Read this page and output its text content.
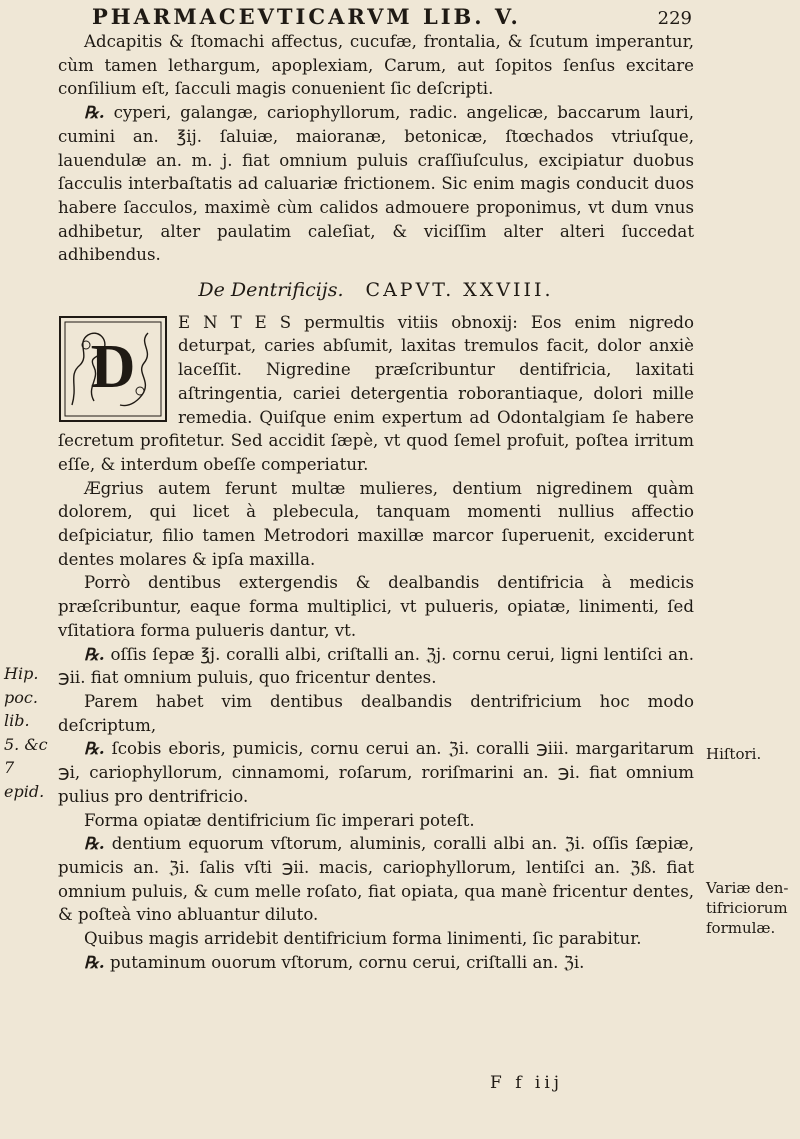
PHARMACEVTICARVM LIB. V.	229

Adcapitis & ſtomachi affectus, cucufæ, frontalia, & ſcutum imperantur, cùm tamen lethargum, apoplexiam, Carum, aut ſopitos ſenſus excitare conſilium eſt, ſacculi magis conuenient ſic deſcripti.

℞. cyperi, galangæ, cariophyllorum, radic. angelicæ, baccarum lauri, cumini an. ℥ij. ſaluiæ, maioranæ, betonicæ, ſtœchados vtriuſque, lauendulæ an. m. j. fiat omnium puluis craſſiuſculus, excipiatur duobus ſacculis interbaſtatis ad caluariæ frictionem. Sic enim magis conducit duos habere ſacculos, maximè cùm calidos admouere proponimus, vt dum vnus adhibetur, alter paulatim caleſiat, & viciſſim alter alteri ſuccedat adhibendus.

De Dentrificijs. CAPVT. XXVIII.
D

E N T E S permultis vitiis obnoxij: Eos enim nigredo deturpat, caries abſumit, laxitas tremulos facit, dolor anxiè laceſſit. Nigredine præſcribuntur dentifricia, laxitati aſtringentia, cariei detergentia roborantiaque, dolori mille remedia. Quiſque enim expertum ad Odontalgiam ſe habere ſecretum profitetur. Sed accidit ſæpè, vt quod ſemel profuit, poſtea irritum eſſe, & interdum obeſſe comperiatur.

Ægrius autem ferunt multæ mulieres, dentium nigredinem quàm dolorem, qui licet à plebecula, tanquam momenti nullius affectio deſpiciatur, filio tamen Metrodori maxillæ marcor ſuperuenit, exciderunt dentes molares & ipſa maxilla.

Porrò dentibus extergendis & dealbandis dentifricia à medicis præſcribuntur, eaque forma multiplici, vt pulueris, opiatæ, linimenti, ſed vſitatiora forma pulueris dantur, vt.

℞. oſſis ſepæ ℥j. coralli albi, criſtalli an. ℨj. cornu cerui, ligni lentiſci an. ℈ii. fiat omnium puluis, quo fricentur dentes.

Parem habet vim dentibus dealbandis dentrifricium hoc modo deſcriptum,

℞. ſcobis eboris, pumicis, cornu cerui an. ℨi. coralli ℈iii. margaritarum ℈i, cariophyllorum, cinnamomi, roſarum, roriſmarini an. ℈i. fiat omnium pulius pro dentrifricio.

Forma opiatæ dentifricium ſic imperari poteſt.

℞. dentium equorum vſtorum, aluminis, coralli albi an. ℨi. oſſis ſæpiæ, pumicis an. ℨi. ſalis vſti ℈ii. macis, cariophyllorum, lentiſci an. ℨß. fiat omnium puluis, & cum melle roſato, fiat opiata, qua manè fricentur dentes, & poſteà vino abluantur diluto.

Quibus magis arridebit dentifricium forma linimenti, ſic parabitur.

℞. putaminum ouorum vſtorum, cornu cerui, criſtalli an. ℨi.

Hip.
poc. lib.
5. &c 7
epid.
Hiſtori.
Variæ den-
tifriciorum
formulæ.
F f iij
